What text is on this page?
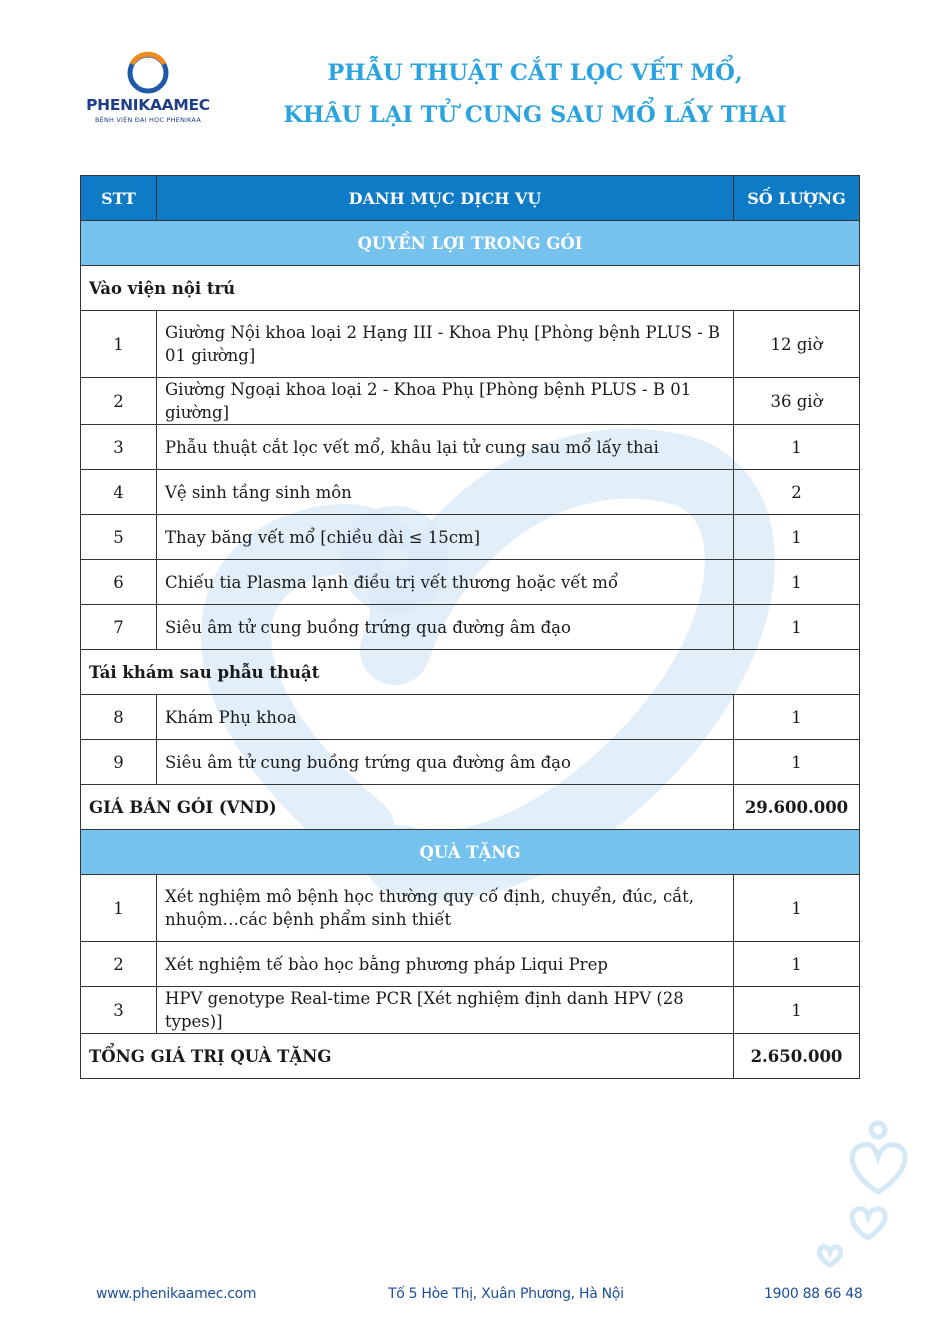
PHENIKAAMEC
BỆNH VIỆN ĐẠI HỌC PHENIKAA
PHẪU THUẬT CẮT LỌC VẾT MỔ,
KHÂU LẠI TỬ CUNG SAU MỔ LẤY THAI
STT	DANH MỤC DỊCH VỤ	SỐ LƯỢNG
QUYỀN LỢI TRONG GÓI		
Vào viện nội trú		
1	Giường Nội khoa loại 2 Hạng III - Khoa Phụ [Phòng bệnh PLUS - B 01 giường]	12 giờ
2	Giường Ngoại khoa loại 2 - Khoa Phụ [Phòng bệnh PLUS - B 01 giường]	36 giờ
3	Phẫu thuật cắt lọc vết mổ, khâu lại tử cung sau mổ lấy thai	1
4	Vệ sinh tầng sinh môn	2
5	Thay băng vết mổ [chiều dài ≤ 15cm]	1
6	Chiếu tia Plasma lạnh điều trị vết thương hoặc vết mổ	1
7	Siêu âm tử cung buồng trứng qua đường âm đạo	1
Tái khám sau phẫu thuật		
8	Khám Phụ khoa	1
9	Siêu âm tử cung buồng trứng qua đường âm đạo	1
GIÁ BÁN GÓI (VND)		29.600.000
QUÀ TẶNG		
1	Xét nghiệm mô bệnh học thường quy cố định, chuyển, đúc, cắt, nhuộm…các bệnh phẩm sinh thiết	1
2	Xét nghiệm tế bào học bằng phương pháp Liqui Prep	1
3	HPV genotype Real-time PCR [Xét nghiệm định danh HPV (28 types)]	1
TỔNG GIÁ TRỊ QUÀ TẶNG		2.650.000
www.phenikaamec.com	Tố 5 Hòe Thị, Xuân Phương, Hà Nội	1900 88 66 48
